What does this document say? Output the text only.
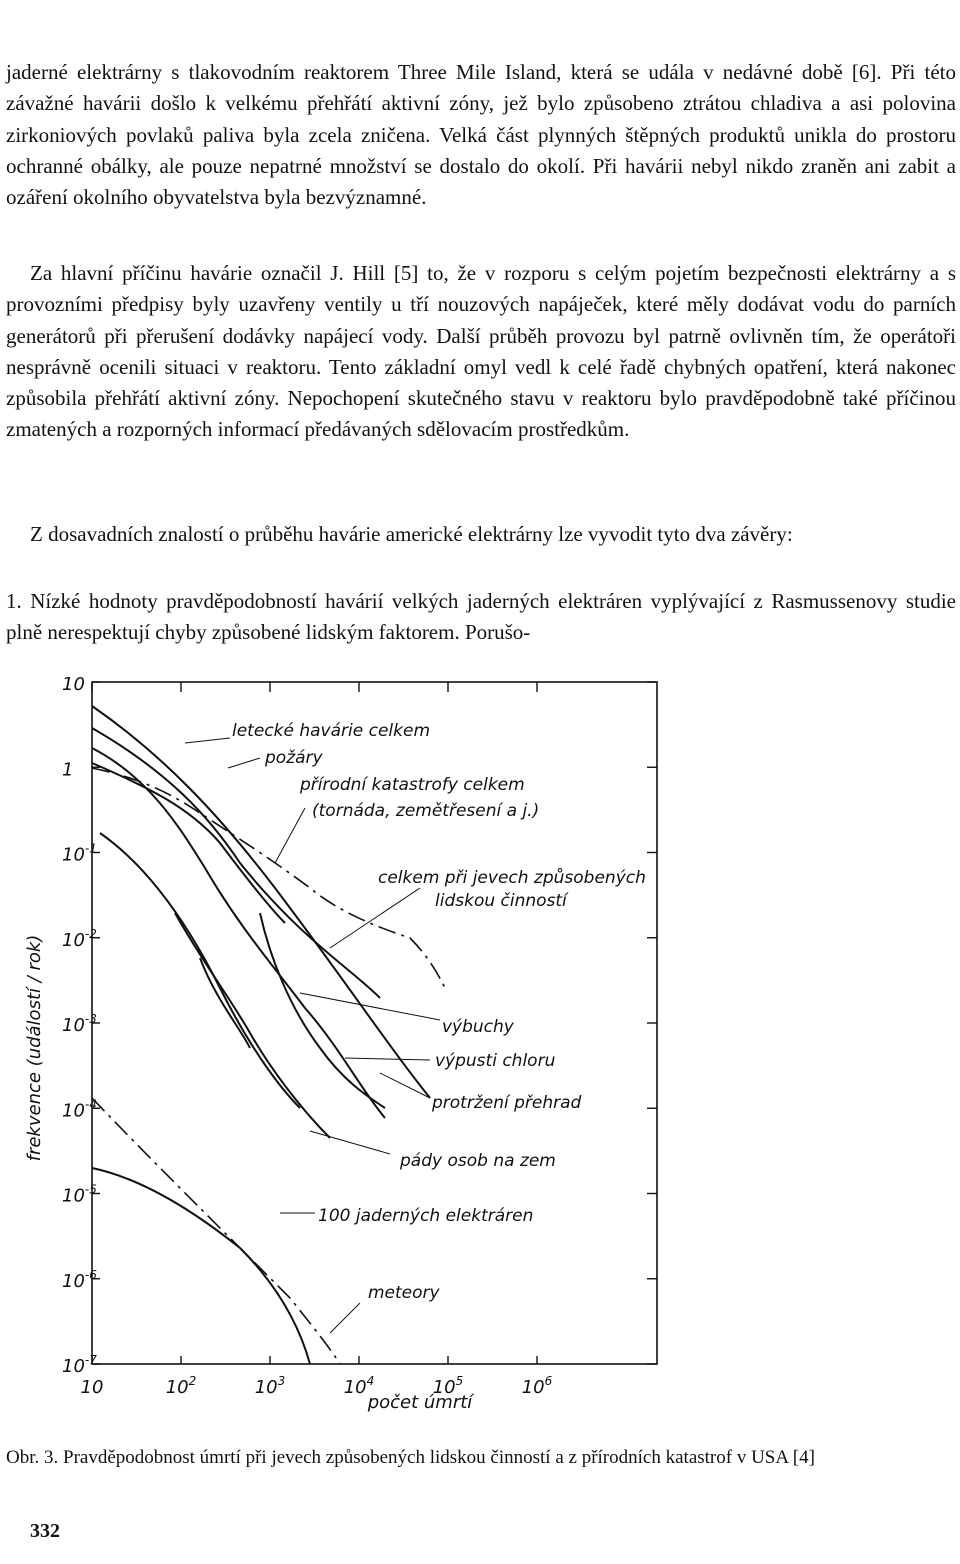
jaderné elektrárny s tlakovodním reaktorem Three Mile Island, která se udála v nedávné době [6]. Při této závažné havárii došlo k velkému přehřátí aktivní zóny, jež bylo způsobeno ztrátou chladiva a asi polovina zirkoniových povlaků paliva byla zcela zničena. Velká část plynných štěpných produktů unikla do prostoru ochranné obálky, ale pouze nepatrné množství se dostalo do okolí. Při havárii nebyl nikdo zraněn ani zabit a ozáření okolního obyvatelstva byla bezvýznamné.

Za hlavní příčinu havárie označil J. Hill [5] to, že v rozporu s celým pojetím bezpečnosti elektrárny a s provozními předpisy byly uzavřeny ventily u tří nouzových napáječek, které měly dodávat vodu do parních generátorů při přerušení dodávky napájecí vody. Další průběh provozu byl patrně ovlivněn tím, že operátoři nesprávně ocenili situaci v reaktoru. Tento základní omyl vedl k celé řadě chybných opatření, která nakonec způsobila přehřátí aktivní zóny. Nepochopení skutečného stavu v reaktoru bylo pravděpodobně také příčinou zmatených a rozporných informací předávaných sdělovacím prostředkům.

Z dosavadních znalostí o průběhu havárie americké elektrárny lze vyvodit tyto dva závěry:

1. Nízké hodnoty pravděpodobností havárií velkých jaderných elektráren vyplývající z Rasmussenovy studie plně nerespektují chyby způsobené lidským faktorem. Porušo-

10
1
$10^{-1}$
$10^{-2}$
$10^{-3}$
$10^{-4}$
$10^{-5}$
$10^{-6}$
$10^{-7}$
10	$10^2$	$10^3$	$10^4$	$10^5$	$10^6$
frekvence (událostí / rok)
počet úmrtí
letecké havárie celkem
požáry
přírodní katastrofy celkem
(tornáda, zemětřesení a j.)
celkem při jevech způsobených
lidskou činností
výbuchy
výpusti chloru
protržení přehrad
pády osob na zem
100 jaderných elektráren
meteory

Obr. 3. Pravděpodobnost úmrtí při jevech způsobených lidskou činností a z přírodních katastrof v USA [4]

332
